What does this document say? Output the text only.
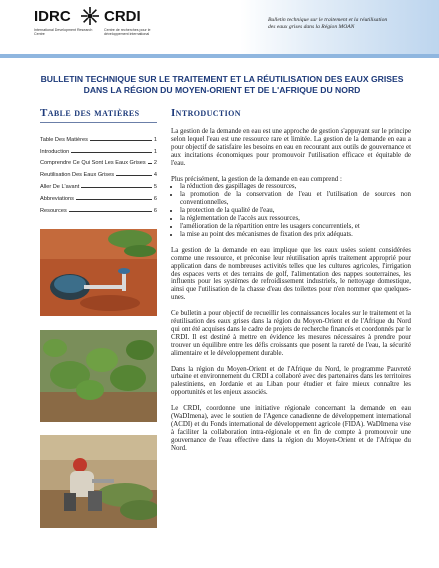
IDRC CRDI
International Development Research Centre
Centre de recherches pour le développement international
Bulletin technique sur le traitement et la réutilisation
des eaux grises dans la Région MOAN
BULLETIN TECHNIQUE SUR LE TRAITEMENT ET LA RÉUTILISATION DES EAUX GRISES
DANS LA RÉGION DU MOYEN-ORIENT ET DE L'AFRIQUE DU NORD
Table des matières
Table Des Matières	1
Introduction	1
Comprendre Ce Qui Sont Les Eaux Grises 2
Reutilisation Des Eaux Grises	4
Aller De L'avant	5
Abbreviations	6
Resources	6
Introduction

La gestion de la demande en eau est une approche de gestion s'appuyant sur le principe selon lequel l'eau est une ressource rare et limitée. La gestion de la demande en eau a pour objectif de satisfaire les besoins en eau en recourant aux outils de gouvernance et aux incitations économiques pour promouvoir l'utilisation efficace et équitable de l'eau.

Plus précisément, la gestion de la demande en eau comprend :

• la réduction des gaspillages de ressources,
• la promotion de la conservation de l'eau et l'utilisation de sources non conventionnelles,
• la protection de la qualité de l'eau,
• la réglementation de l'accès aux ressources,
• l'amélioration de la répartition entre les usagers concurrentiels, et
• la mise au point des mécanismes de fixation des prix adéquats.

La gestion de la demande en eau implique que les eaux usées soient considérées comme une ressource, et préconise leur réutilisation après traitement approprié pour application dans de nombreuses activités telles que les cultures agricoles, l'irrigation des espaces verts et des terrains de golf, l'alimentation des nappes souterraines, les influents pour les systèmes de refroidissement industriels, le nettoyage domestique, ainsi que l'utilisation de la chasse d'eau des toilettes pour n'en nommer que quelques-unes.

Ce bulletin a pour objectif de recueillir les connaissances locales sur le traitement et la réutilisation des eaux grises dans la région du Moyen-Orient et de l'Afrique du Nord qui ont été acquises dans le cadre de projets de recherche financés et coordonnés par le CRDI. Il est destiné à mettre en évidence les mesures nécessaires à prendre pour trouver un équilibre entre les défis croissants que posent la rareté de l'eau, la sécurité alimentaire et le développement durable.

Dans la région du Moyen-Orient et de l'Afrique du Nord, le programme Pauvreté urbaine et environnement du CRDI a collaboré avec des partenaires dans les territoires palestiniens, en Jordanie et au Liban pour étudier et faire mieux connaître les opportunités et les enjeux associés.

Le CRDI, coordonne une initiative régionale concernant la demande en eau (WaDImena), avec le soutien de l'Agence canadienne de développement international (ACDI) et du Fonds international de développement agricole (FIDA). WaDImena vise à faciliter la collaboration intra-régionale et en fin de compte à promouvoir une gouvernance de l'eau effective dans la région du Moyen-Orient et de l'Afrique du Nord.
